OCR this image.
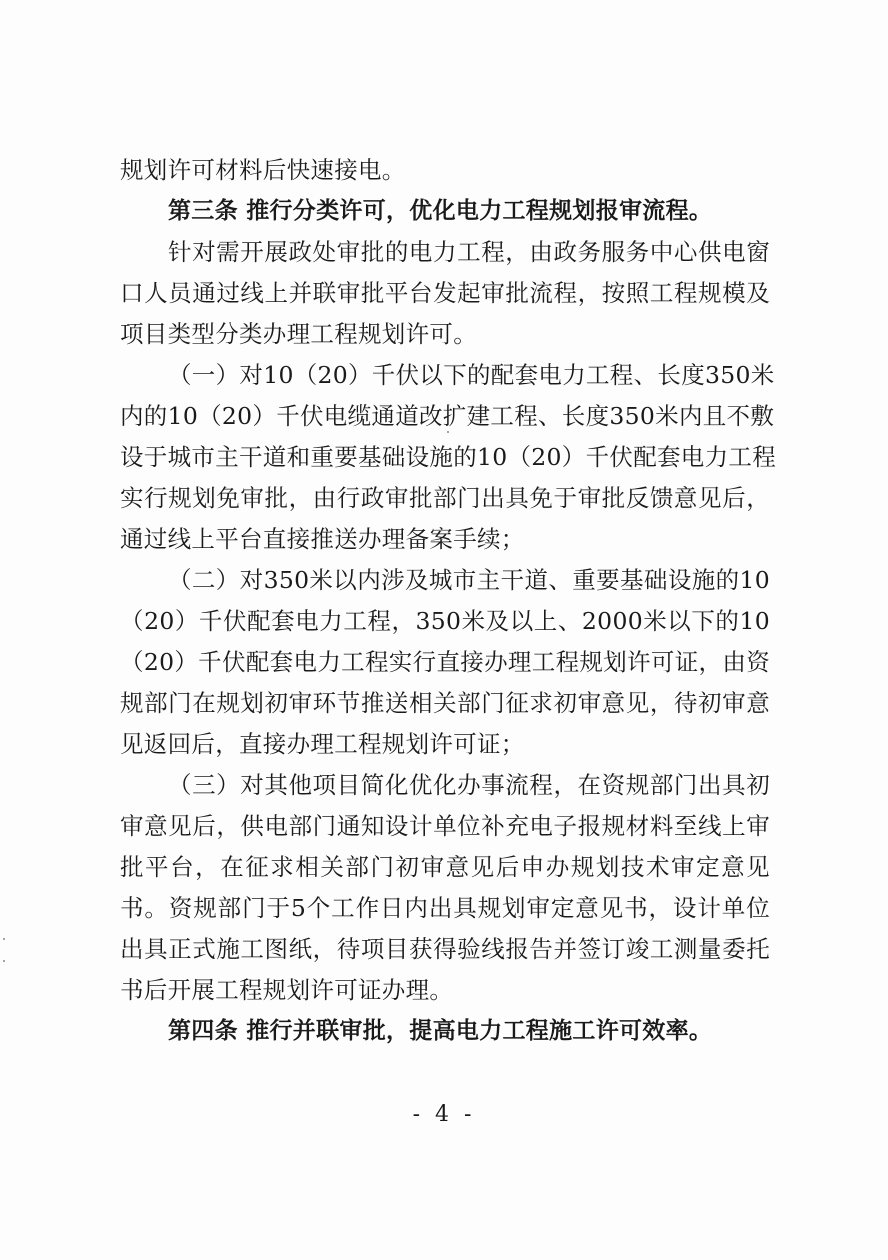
规划许可材料后快速接电。
第三条 推行分类许可，优化电力工程规划报审流程。
针对需开展政处审批的电力工程，由政务服务中心供电窗
口人员通过线上并联审批平台发起审批流程，按照工程规模及
项目类型分类办理工程规划许可。
（一）对10（20）千伏以下的配套电力工程、长度350米
内的10（20）千伏电缆通道改扩建工程、长度350米内且不敷
设于城市主干道和重要基础设施的10（20）千伏配套电力工程
实行规划免审批，由行政审批部门出具免于审批反馈意见后，
通过线上平台直接推送办理备案手续；
（二）对350米以内涉及城市主干道、重要基础设施的10
（20）千伏配套电力工程，350米及以上、2000米以下的10
（20）千伏配套电力工程实行直接办理工程规划许可证，由资
规部门在规划初审环节推送相关部门征求初审意见，待初审意
见返回后，直接办理工程规划许可证；
（三）对其他项目简化优化办事流程，在资规部门出具初
审意见后，供电部门通知设计单位补充电子报规材料至线上审
批平台，在征求相关部门初审意见后申办规划技术审定意见
书。资规部门于5个工作日内出具规划审定意见书，设计单位
出具正式施工图纸，待项目获得验线报告并签订竣工测量委托
书后开展工程规划许可证办理。
第四条 推行并联审批，提高电力工程施工许可效率。
- 4 -
